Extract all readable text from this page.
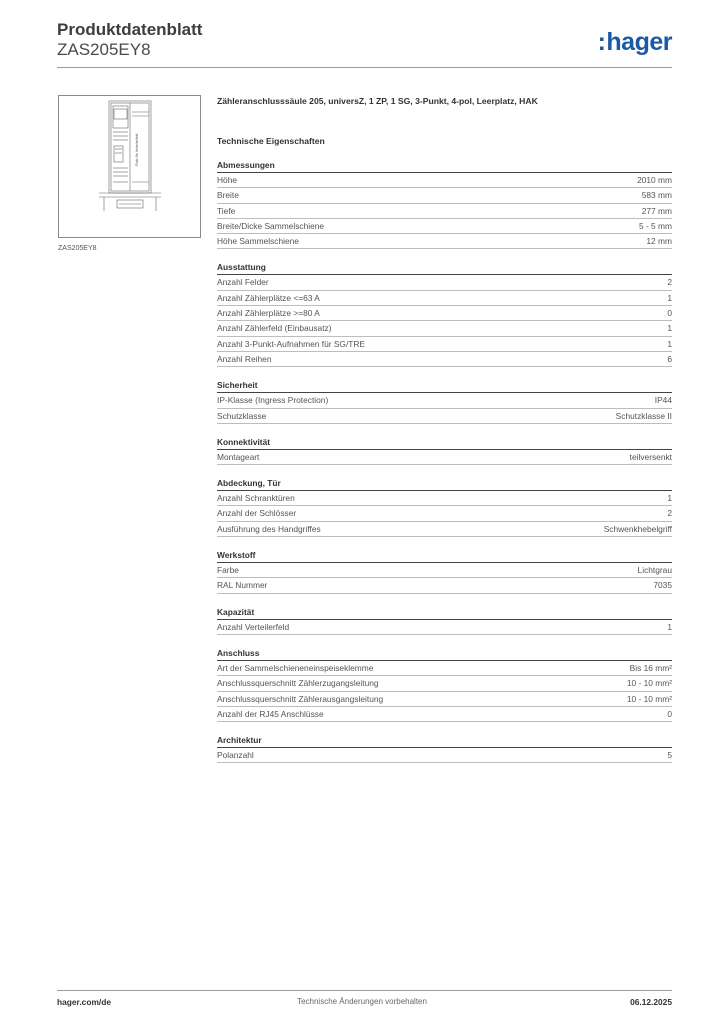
Produktdatenblatt
ZAS205EY8	:hager
Platz für Verteilerfeld
ZAS205EY8
Zähleranschlusssäule 205, universZ, 1 ZP, 1 SG, 3-Punkt, 4-pol, Leerplatz, HAK
Technische Eigenschaften
Abmessungen
Höhe	2010 mm
Breite	583 mm
Tiefe	277 mm
Breite/Dicke Sammelschiene	5 - 5 mm
Höhe Sammelschiene	12 mm
Ausstattung
Anzahl Felder	2
Anzahl Zählerplätze <=63 A	1
Anzahl Zählerplätze >=80 A	0
Anzahl Zählerfeld (Einbausatz)	1
Anzahl 3-Punkt-Aufnahmen für SG/TRE	1
Anzahl Reihen	6
Sicherheit
IP-Klasse (Ingress Protection)	IP44
Schutzklasse	Schutzklasse II
Konnektivität
Montageart	teilversenkt
Abdeckung, Tür
Anzahl Schranktüren	1
Anzahl der Schlösser	2
Ausführung des Handgriffes	Schwenkhebelgriff
Werkstoff
Farbe	Lichtgrau
RAL Nummer	7035
Kapazität
Anzahl Verteilerfeld	1
Anschluss
Art der Sammelschieneneinspeiseklemme	Bis 16 mm²
Anschlussquerschnitt Zählerzugangsleitung	10 - 10 mm²
Anschlussquerschnitt Zählerausgangsleitung	10 - 10 mm²
Anzahl der RJ45 Anschlüsse	0
Architektur
Polanzahl	5
hager.com/de	Technische Änderungen vorbehalten	06.12.2025
